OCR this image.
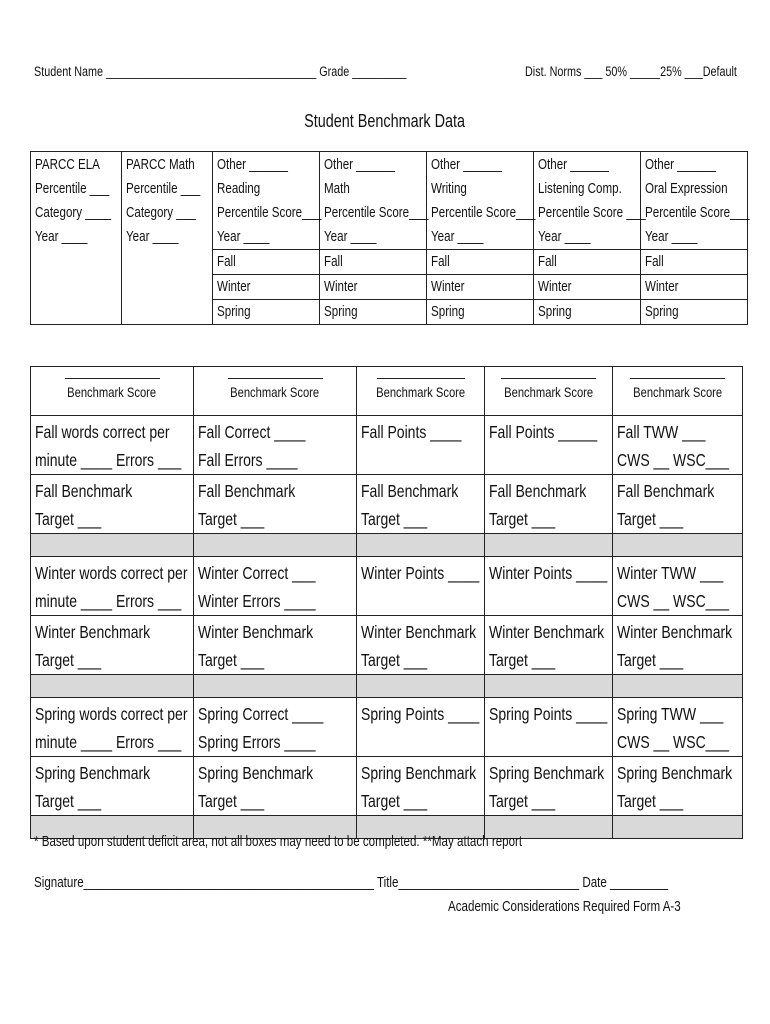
Student Name ___________________________________ Grade _________	Dist. Norms ___ 50% _____25% ___Default
Student Benchmark Data
PARCC ELAPercentile ___Category ____Year ____	PARCC MathPercentile ___Category ___Year ____	Other ______ReadingPercentile Score___Year ____	Other ______MathPercentile Score___Year ____	Other ______WritingPercentile Score___Year ____	Other ______Listening Comp.Percentile Score ___Year ____	Other ______Oral ExpressionPercentile Score___Year ____
		Fall	Fall	Fall	Fall	Fall
		Winter	Winter	Winter	Winter	Winter
		Spring	Spring	Spring	Spring	Spring
Benchmark Score	Benchmark Score	Benchmark Score	Benchmark Score	Benchmark Score

Fall words correct perminute ____ Errors ___	Fall Correct ____Fall Errors ____	Fall Points ____	Fall Points _____	Fall TWW ___CWS __ WSC___
Fall BenchmarkTarget ___	Fall BenchmarkTarget ___	Fall BenchmarkTarget ___	Fall BenchmarkTarget ___	Fall BenchmarkTarget ___

Winter words correct perminute ____ Errors ___	Winter Correct ___Winter Errors ____	Winter Points ____	Winter Points ____	Winter TWW ___CWS __ WSC___
Winter BenchmarkTarget ___	Winter BenchmarkTarget ___	Winter BenchmarkTarget ___	Winter BenchmarkTarget ___	Winter BenchmarkTarget ___

Spring words correct perminute ____ Errors ___	Spring Correct ____Spring Errors ____	Spring Points ____	Spring Points ____	Spring TWW ___CWS __ WSC___
Spring BenchmarkTarget ___	Spring BenchmarkTarget ___	Spring BenchmarkTarget ___	Spring BenchmarkTarget ___	Spring BenchmarkTarget ___

* Based upon student deficit area, not all boxes may need to be completed. **May attach report
Signature_____________________________________________ Title____________________________ Date _________
Academic Considerations Required Form A-3
